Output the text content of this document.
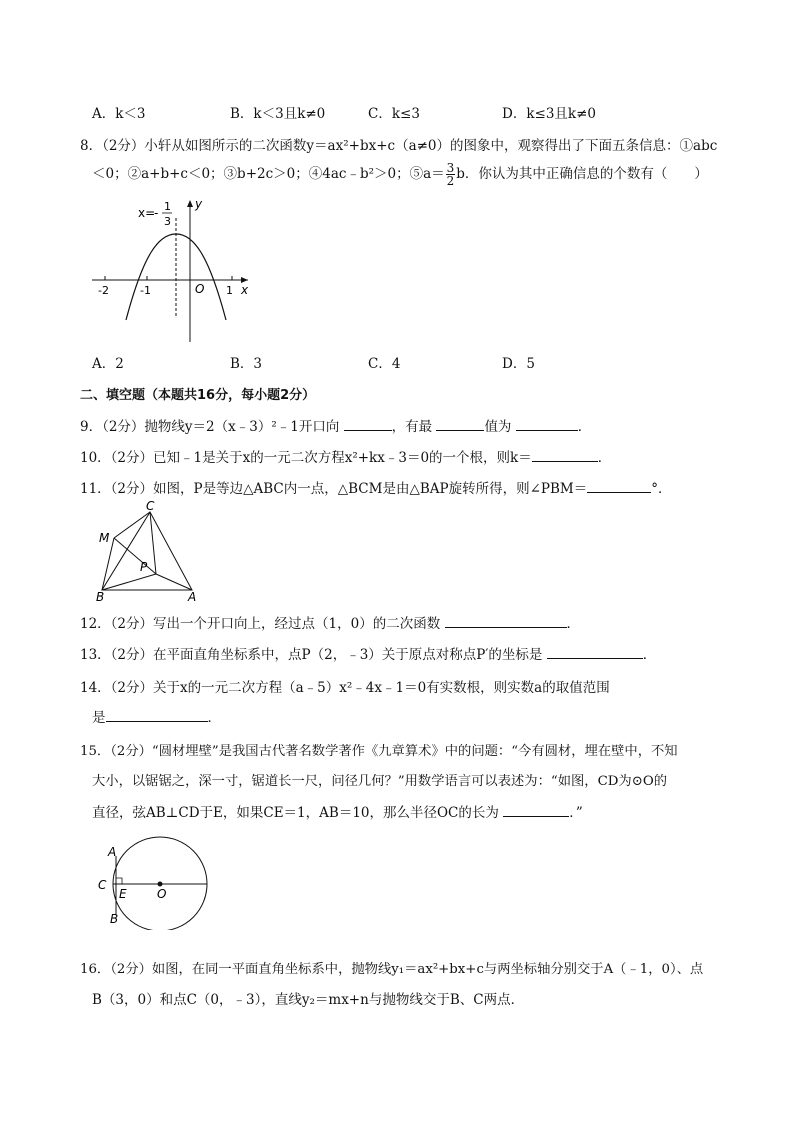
A．k＜3	B．k＜3且k≠0	C．k≤3	D．k≤3且k≠0
8．（2分）小轩从如图所示的二次函数y＝ax²+bx+c（a≠0）的图象中，观察得出了下面五条信息：①abc
＜0；②a+b+c＜0；③b+2c＞0；④4ac﹣b²＞0；⑤a＝ $\frac{3}{2}$ b．你认为其中正确信息的个数有（　　）
x=
- 1
3
y
x
O
-2	-1	1
A．2	B．3	C．4	D．5
二、填空题（本题共16分，每小题2分）
9．（2分）抛物线y＝2（x﹣3）²﹣1开口向	，有最	值为	．
10．（2分）已知﹣1是关于x的一元二次方程x²+kx﹣3＝0的一个根，则k＝	．
11．（2分）如图，P是等边△ABC内一点，△BCM是由△BAP旋转所得，则∠PBM＝	°．
C
M
P
B	A
12．（2分）写出一个开口向上，经过点（1，0）的二次函数	．
13．（2分）在平面直角坐标系中，点P（2，﹣3）关于原点对称点P′的坐标是	．
14．（2分）关于x的一元二次方程（a﹣5）x²﹣4x﹣1＝0有实数根，则实数a的取值范围
是	．
15．（2分）“圆材埋壁”是我国古代著名数学著作《九章算术》中的问题：“今有圆材，埋在壁中，不知
大小，以锯锯之，深一寸，锯道长一尺，问径几何？”用数学语言可以表述为：“如图，CD为⊙O的
直径，弦AB⊥CD于E，如果CE＝1，AB＝10，那么半径OC的长为	．”
A
C
E	O
B
16．（2分）如图，在同一平面直角坐标系中，抛物线y₁＝ax²+bx+c与两坐标轴分别交于A（﹣1，0）、点
B（3，0）和点C（0，﹣3），直线y₂＝mx+n与抛物线交于B、C两点．
